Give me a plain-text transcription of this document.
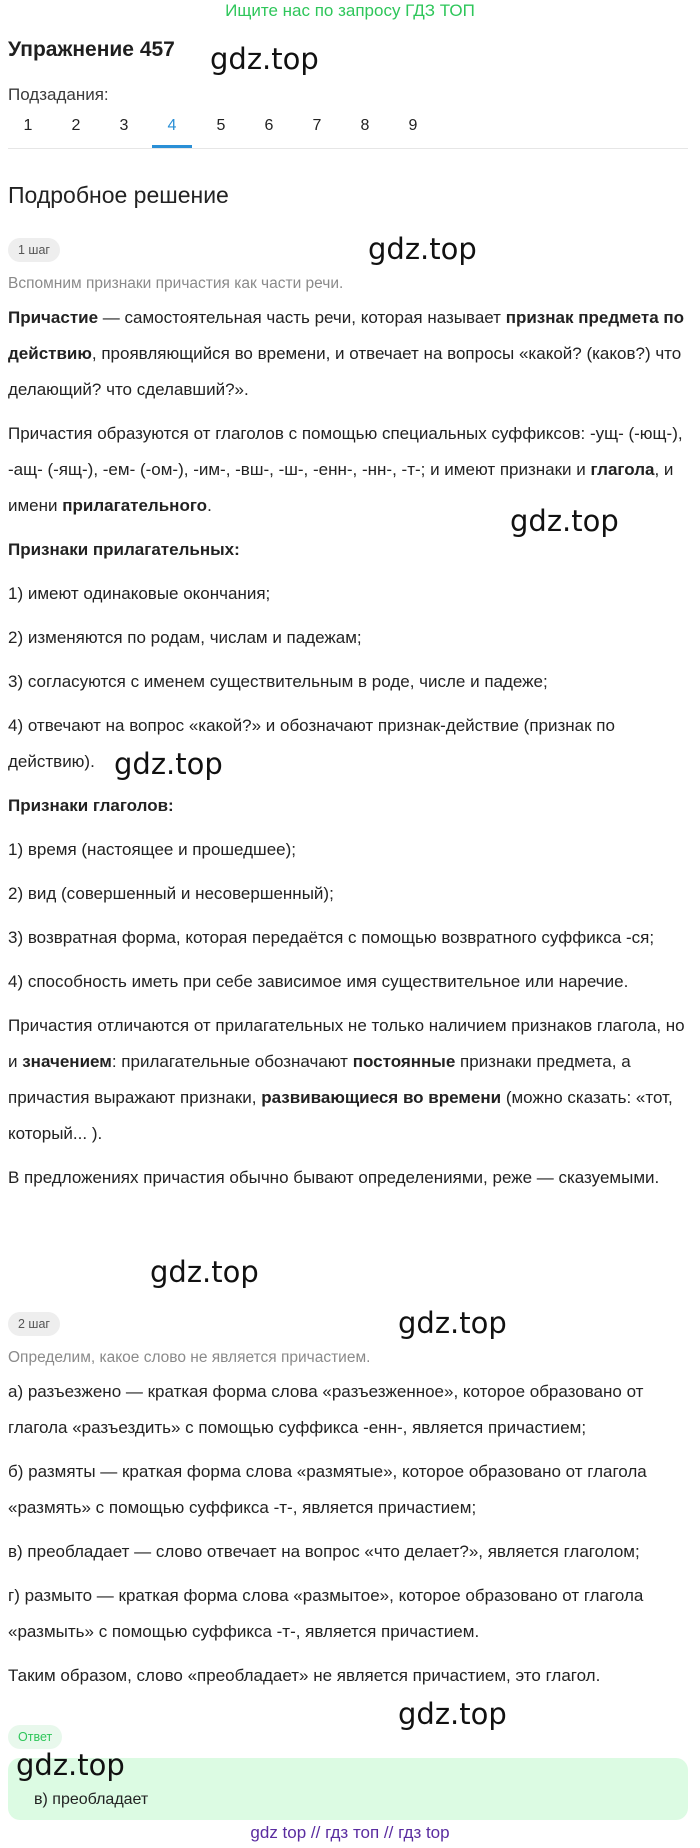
Ищите нас по запросу ГДЗ ТОП
Упражнение 457 gdz.top
Подзадания:
1	2	3	4	5	6	7	8	9
Подробное решение
1 шаг	gdz.top
Вспомним признаки причастия как части речи.

Причастие — самостоятельная часть речи, которая называет признак предмета по действию, проявляющийся во времени, и отвечает на вопросы «какой? (каков?) что делающий? что сделавший?».

Причастия образуются от глаголов с помощью специальных суффиксов: -ущ- (-ющ-), -ащ- (-ящ-), -ем- (-ом-), -им-, -вш-, -ш-, -енн-, -нн-, -т-; и имеют признаки и глагола, и имени прилагательного.

Признаки прилагательных:

1) имеют одинаковые окончания;

2) изменяются по родам, числам и падежам;

3) согласуются с именем существительным в роде, числе и падеже;

4) отвечают на вопрос «какой?» и обозначают признак-действие (признак по действию).

Признаки глаголов:

1) время (настоящее и прошедшее);

2) вид (совершенный и несовершенный);

3) возвратная форма, которая передаётся с помощью возвратного суффикса -ся;

4) способность иметь при себе зависимое имя существительное или наречие.

Причастия отличаются от прилагательных не только наличием признаков глагола, но и значением: прилагательные обозначают постоянные признаки предмета, а причастия выражают признаки, развивающиеся во времени (можно сказать: «тот, который... ).

В предложениях причастия обычно бывают определениями, реже — сказуемыми.

gdz.top
gdz.top
gdz.top
2 шаг	gdz.top
Определим, какое слово не является причастием.

а) разъезжено — краткая форма слова «разъезженное», которое образовано от глагола «разъездить» с помощью суффикса -енн-, является причастием;

б) размяты — краткая форма слова «размятые», которое образовано от глагола «размять» с помощью суффикса -т-, является причастием;

в) преобладает — слово отвечает на вопрос «что делает?», является глаголом;

г) размыто — краткая форма слова «размытое», которое образовано от глагола «размыть» с помощью суффикса -т-, является причастием.

Таким образом, слово «преобладает» не является причастием, это глагол.

gdz.top
Ответ
gdz.top
в) преобладает
gdz top // гдз топ // гдз top
